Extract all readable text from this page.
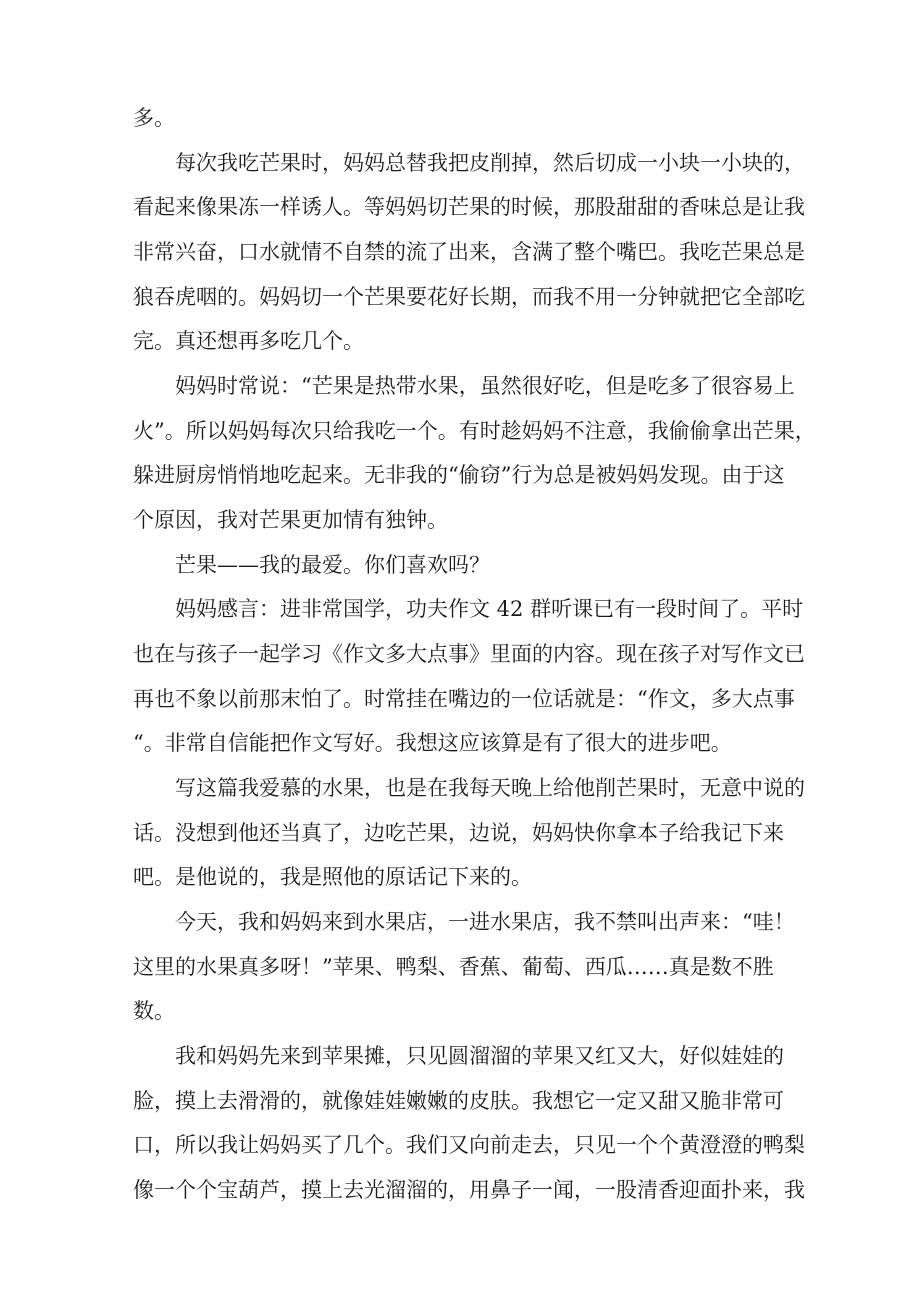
多。
每次我吃芒果时，妈妈总替我把皮削掉，然后切成一小块一小块的，
看起来像果冻一样诱人。等妈妈切芒果的时候，那股甜甜的香味总是让我
非常兴奋，口水就情不自禁的流了出来，含满了整个嘴巴。我吃芒果总是
狼吞虎咽的。妈妈切一个芒果要花好长期，而我不用一分钟就把它全部吃
完。真还想再多吃几个。
妈妈时常说：“芒果是热带水果，虽然很好吃，但是吃多了很容易上
火”。所以妈妈每次只给我吃一个。有时趁妈妈不注意，我偷偷拿出芒果，
躲进厨房悄悄地吃起来。无非我的“偷窃”行为总是被妈妈发现。由于这
个原因，我对芒果更加情有独钟。
芒果——我的最爱。你们喜欢吗？
妈妈感言：进非常国学，功夫作文 42 群听课已有一段时间了。平时
也在与孩子一起学习《作文多大点事》里面的内容。现在孩子对写作文已
再也不象以前那末怕了。时常挂在嘴边的一位话就是：“作文，多大点事
“。非常自信能把作文写好。我想这应该算是有了很大的进步吧。
写这篇我爱慕的水果，也是在我每天晚上给他削芒果时，无意中说的
话。没想到他还当真了，边吃芒果，边说，妈妈快你拿本子给我记下来
吧。是他说的，我是照他的原话记下来的。
今天，我和妈妈来到水果店，一进水果店，我不禁叫出声来：“哇！
这里的水果真多呀！”苹果、鸭梨、香蕉、葡萄、西瓜……真是数不胜
数。
我和妈妈先来到苹果摊，只见圆溜溜的苹果又红又大，好似娃娃的
脸，摸上去滑滑的，就像娃娃嫩嫩的皮肤。我想它一定又甜又脆非常可
口，所以我让妈妈买了几个。我们又向前走去，只见一个个黄澄澄的鸭梨
像一个个宝葫芦，摸上去光溜溜的，用鼻子一闻，一股清香迎面扑来，我
